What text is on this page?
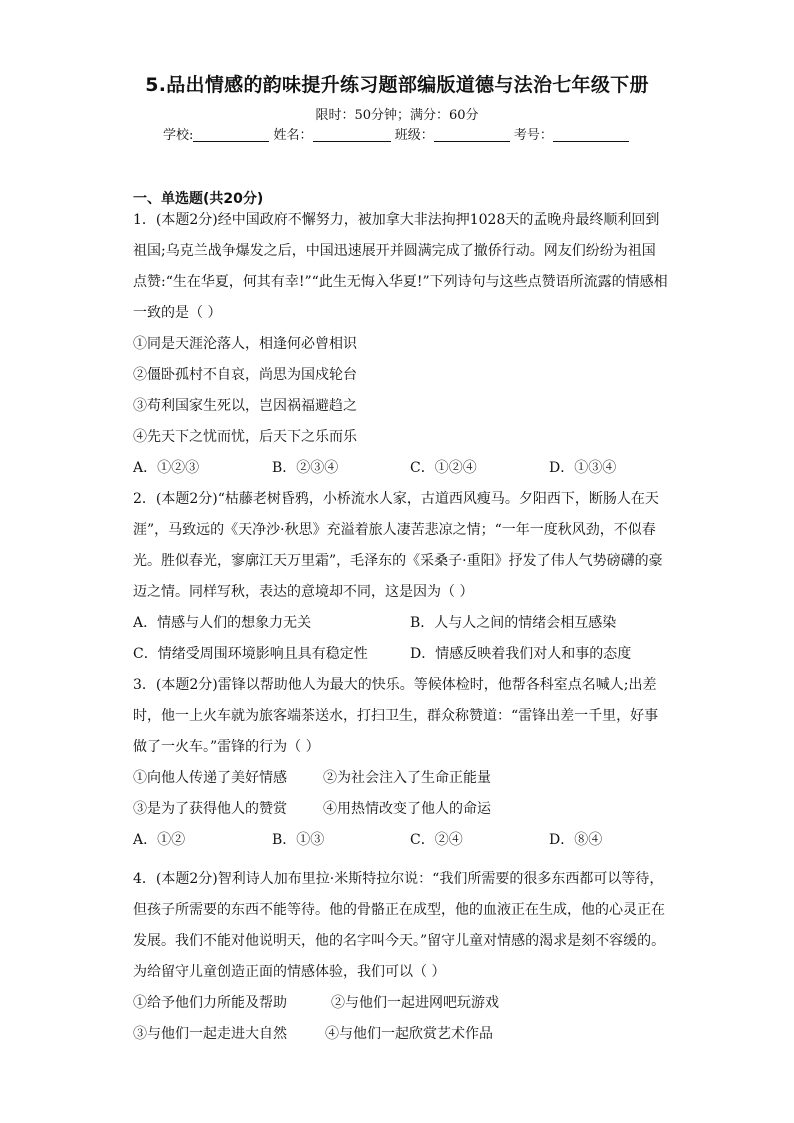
5.品出情感的韵味提升练习题部编版道德与法治七年级下册
限时：50分钟；满分：60分
学校:	姓名：	班级：	考号：
一、单选题(共20分)

1．(本题2分)经中国政府不懈努力，被加拿大非法拘押1028天的孟晚舟最终顺利回到

祖国;乌克兰战争爆发之后，中国迅速展开并圆满完成了撤侨行动。网友们纷纷为祖国

点赞:“生在华夏，何其有幸!”“此生无悔入华夏!”下列诗句与这些点赞语所流露的情感相

一致的是（ ）

①同是天涯沦落人，相逢何必曾相识

②僵卧孤村不自哀，尚思为国戍轮台

③苟利国家生死以，岂因祸福避趋之

④先天下之忧而忧，后天下之乐而乐

A．①②③	B．②③④	C．①②④	D．①③④

2．(本题2分)“枯藤老树昏鸦，小桥流水人家，古道西风瘦马。夕阳西下，断肠人在天

涯”，马致远的《天净沙·秋思》充溢着旅人凄苦悲凉之情；“一年一度秋风劲，不似春

光。胜似春光，寥廓江天万里霜”，毛泽东的《采桑子·重阳》抒发了伟人气势磅礴的豪

迈之情。同样写秋，表达的意境却不同，这是因为（ ）

A．情感与人们的想象力无关	B．人与人之间的情绪会相互感染
C．情绪受周围环境影响且具有稳定性	D．情感反映着我们对人和事的态度

3．(本题2分)雷锋以帮助他人为最大的快乐。等候体检时，他帮各科室点名喊人;出差

时，他一上火车就为旅客端茶送水，打扫卫生，群众称赞道：“雷锋出差一千里，好事

做了一火车。”雷锋的行为（ ）

①向他人传递了美好情感	②为社会注入了生命正能量
③是为了获得他人的赞赏	④用热情改变了他人的命运
A．①②	B．①③	C．②④	D．⑧④

4．(本题2分)智利诗人加布里拉·米斯特拉尔说：“我们所需要的很多东西都可以等待，

但孩子所需要的东西不能等待。他的骨骼正在成型，他的血液正在生成，他的心灵正在

发展。我们不能对他说明天，他的名字叫今天。”留守儿童对情感的渴求是刻不容缓的。

为给留守儿童创造正面的情感体验，我们可以（ ）

①给予他们力所能及帮助	②与他们一起进网吧玩游戏
③与他们一起走进大自然	④与他们一起欣赏艺术作品
